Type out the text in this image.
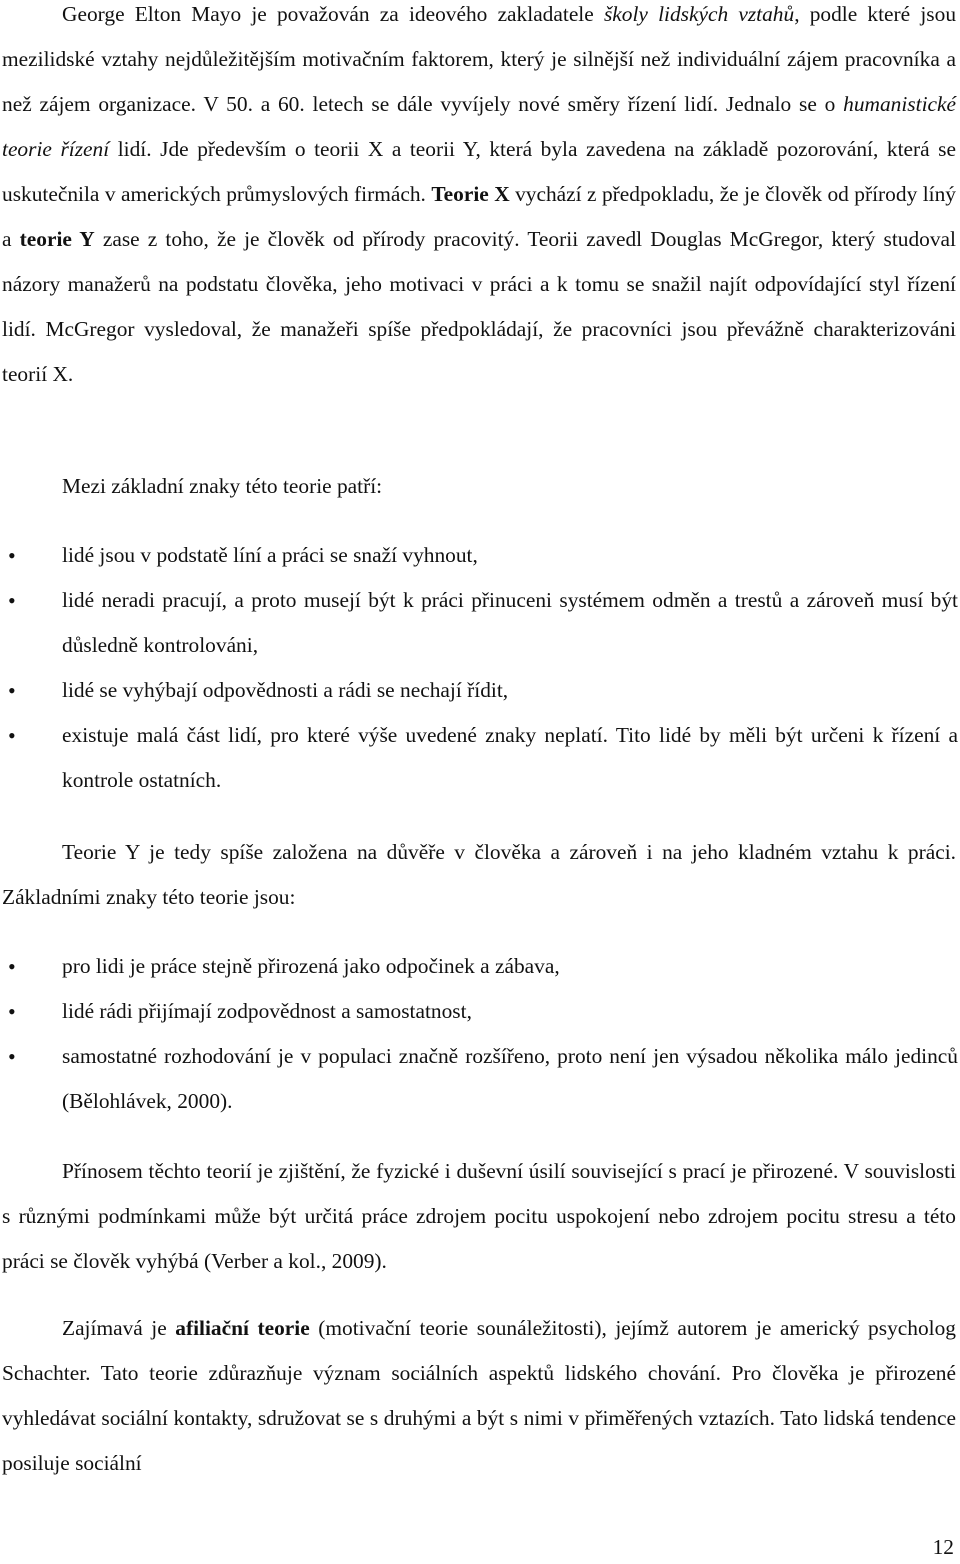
George Elton Mayo je považován za ideového zakladatele školy lidských vztahů, podle které jsou mezilidské vztahy nejdůležitějším motivačním faktorem, který je silnější než individuální zájem pracovníka a než zájem organizace. V 50. a 60. letech se dále vyvíjely nové směry řízení lidí. Jednalo se o humanistické teorie řízení lidí. Jde především o teorii X a teorii Y, která byla zavedena na základě pozorování, která se uskutečnila v amerických průmyslových firmách. Teorie X vychází z předpokladu, že je člověk od přírody líný a teorie Y zase z toho, že je člověk od přírody pracovitý. Teorii zavedl Douglas McGregor, který studoval názory manažerů na podstatu člověka, jeho motivaci v práci a k tomu se snažil najít odpovídající styl řízení lidí. McGregor vysledoval, že manažeři spíše předpokládají, že pracovníci jsou převážně charakterizováni teorií X.

Mezi základní znaky této teorie patří:

• lidé jsou v podstatě líní a práci se snaží vyhnout,
• lidé neradi pracují, a proto musejí být k práci přinuceni systémem odměn a trestů a zároveň musí být důsledně kontrolováni,
• lidé se vyhýbají odpovědnosti a rádi se nechají řídit,
• existuje malá část lidí, pro které výše uvedené znaky neplatí. Tito lidé by měli být určeni k řízení a kontrole ostatních.

Teorie Y je tedy spíše založena na důvěře v člověka a zároveň i na jeho kladném vztahu k práci. Základními znaky této teorie jsou:

• pro lidi je práce stejně přirozená jako odpočinek a zábava,
• lidé rádi přijímají zodpovědnost a samostatnost,
• samostatné rozhodování je v populaci značně rozšířeno, proto není jen výsadou několika málo jedinců (Bělohlávek, 2000).

Přínosem těchto teorií je zjištění, že fyzické i duševní úsilí související s prací je přirozené. V souvislosti s různými podmínkami může být určitá práce zdrojem pocitu uspokojení nebo zdrojem pocitu stresu a této práci se člověk vyhýbá (Verber a kol., 2009).

Zajímavá je afiliační teorie (motivační teorie sounáležitosti), jejímž autorem je americký psycholog Schachter. Tato teorie zdůrazňuje význam sociálních aspektů lidského chování. Pro člověka je přirozené vyhledávat sociální kontakty, sdružovat se s druhými a být s nimi v přiměřených vztazích. Tato lidská tendence posiluje sociální

12
